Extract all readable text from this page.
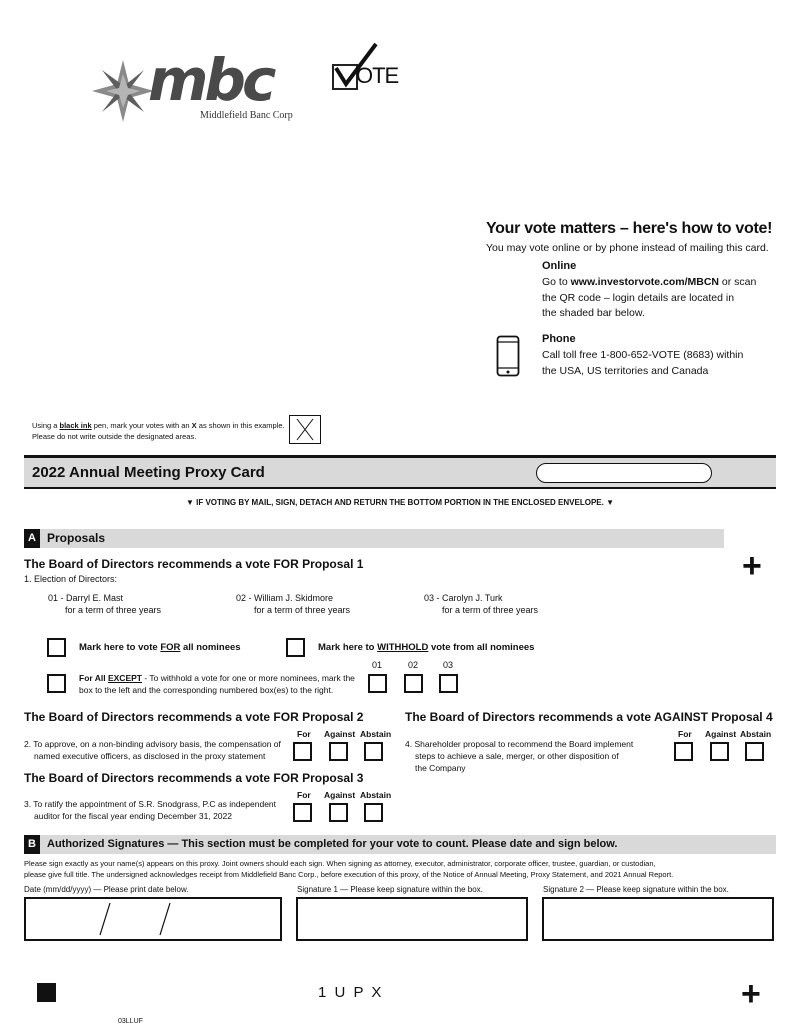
mbc
Middlefield Banc Corp
OTE
Your vote matters – here's how to vote!
You may vote online or by phone instead of mailing this card.
Online
Go to www.investorvote.com/MBCN or scan
the QR code – login details are located in
the shaded bar below.
Phone
Call toll free 1-800-652-VOTE (8683) within
the USA, US territories and Canada
Using a black ink pen, mark your votes with an X as shown in this example.
Please do not write outside the designated areas.
2022 Annual Meeting Proxy Card
▼ IF VOTING BY MAIL, SIGN, DETACH AND RETURN THE BOTTOM PORTION IN THE ENCLOSED ENVELOPE. ▼
A Proposals
+
The Board of Directors recommends a vote FOR Proposal 1
1. Election of Directors:
01 - Darryl E. Mast
for a term of three years
02 - William J. Skidmore
for a term of three years
03 - Carolyn J. Turk
for a term of three years
Mark here to vote FOR all nominees	Mark here to WITHHOLD vote from all nominees
01	02	03
For All EXCEPT - To withhold a vote for one or more nominees, mark the
box to the left and the corresponding numbered box(es) to the right.
The Board of Directors recommends a vote FOR Proposal 2
For Against Abstain
2. To approve, on a non-binding advisory basis, the compensation of
named executive officers, as disclosed in the proxy statement
The Board of Directors recommends a vote FOR Proposal 3
For Against Abstain
3. To ratify the appointment of S.R. Snodgrass, P.C as independent
auditor for the fiscal year ending December 31, 2022
The Board of Directors recommends a vote AGAINST Proposal 4
For Against Abstain
4. Shareholder proposal to recommend the Board implement
steps to achieve a sale, merger, or other disposition of
the Company
B	Authorized Signatures — This section must be completed for your vote to count. Please date and sign below.
Please sign exactly as your name(s) appears on this proxy. Joint owners should each sign. When signing as attorney, executor, administrator, corporate officer, trustee, guardian, or custodian,
please give full title. The undersigned acknowledges receipt from Middlefield Banc Corp., before execution of this proxy, of the Notice of Annual Meeting, Proxy Statement, and 2021 Annual Report.
Date (mm/dd/yyyy) — Please print date below.	Signature 1 — Please keep signature within the box.	Signature 2 — Please keep signature within the box.
1 U P X	+
03LLUF
